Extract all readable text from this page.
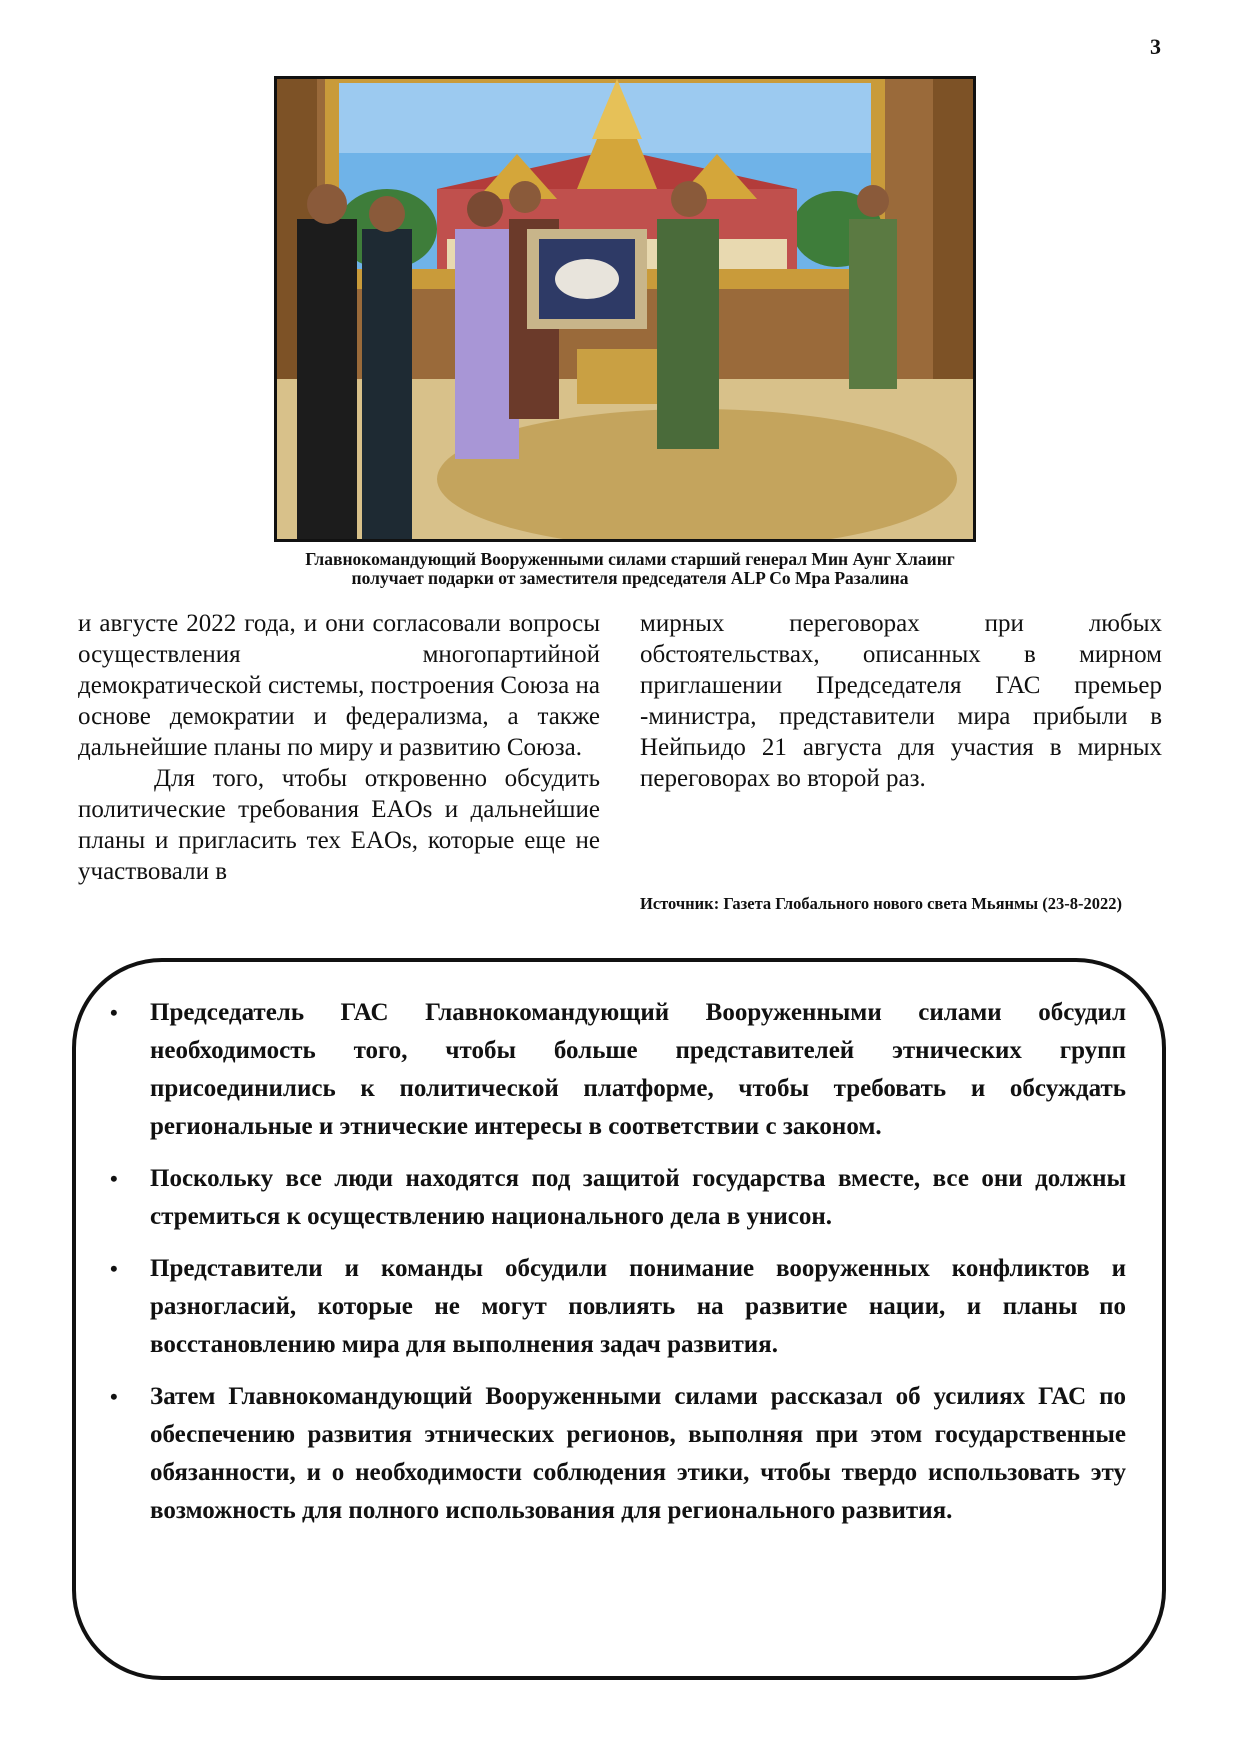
3
Главнокомандующий Вооруженными силами старший генерал Мин Аунг Хлаинг
получает подарки от заместителя председателя ALP Со Мра Разалина

и августе 2022 года, и они согласовали вопросы осуществления многопартийной демократической системы, построения Союза на основе демократии и федерализма, а также дальнейшие планы по миру и развитию Союза.

Для того, чтобы откровенно обсудить политические требования EAOs и дальнейшие планы и пригласить тех EAOs, которые еще не участвовали в

мирных переговорах при любых обстоятельствах, описанных в мирном приглашении Председателя ГАС премьер -министра, представители мира прибыли в Нейпьидо 21 августа для участия в мирных переговорах во второй раз.

Источник: Газета Глобального нового света Мьянмы (23-8-2022)
• Председатель ГАС Главнокомандующий Вооруженными силами обсудил необходимость того, чтобы больше представителей этнических групп присоединились к политической платформе, чтобы требовать и обсуждать региональные и этнические интересы в соответствии с законом.
• Поскольку все люди находятся под защитой государства вместе, все они должны стремиться к осуществлению национального дела в унисон.
• Представители и команды обсудили понимание вооруженных конфликтов и разногласий, которые не могут повлиять на развитие нации, и планы по восстановлению мира для выполнения задач развития.
• Затем Главнокомандующий Вооруженными силами рассказал об усилиях ГАС по обеспечению развития этнических регионов, выполняя при этом государственные обязанности, и о необходимости соблюдения этики, чтобы твердо использовать эту возможность для полного использования для регионального развития.
